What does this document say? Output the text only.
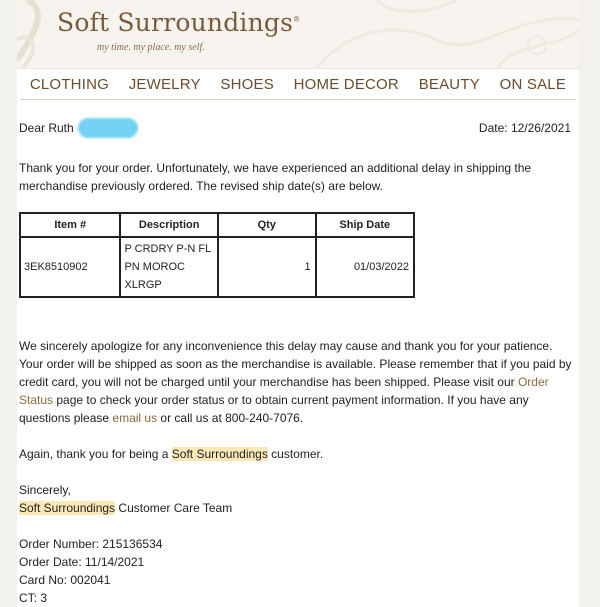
Soft Surroundings®
my time. my place. my self.
CLOTHING JEWELRY SHOES HOME DECOR BEAUTY ON SALE
Dear Ruth	Date: 12/26/2021

Thank you for your order. Unfortunately, we have experienced an additional delay in shipping the merchandise previously ordered. The revised ship date(s) are below.

Item #	Description	Qty	Ship Date
3EK8510902	P CRDRY P-N FL PN MOROC XLRGP	1	01/03/2022

We sincerely apologize for any inconvenience this delay may cause and thank you for your patience. Your order will be shipped as soon as the merchandise is available. Please remember that if you paid by credit card, you will not be charged until your merchandise has been shipped. Please visit our Order Status page to check your order status or to obtain current payment information. If you have any questions please email us or call us at 800-240-7076.

Again, thank you for being a Soft Surroundings customer.

Sincerely,
Soft Surroundings Customer Care Team
Order Number: 215136534
Order Date: 11/14/2021
Card No: 002041
CT: 3
